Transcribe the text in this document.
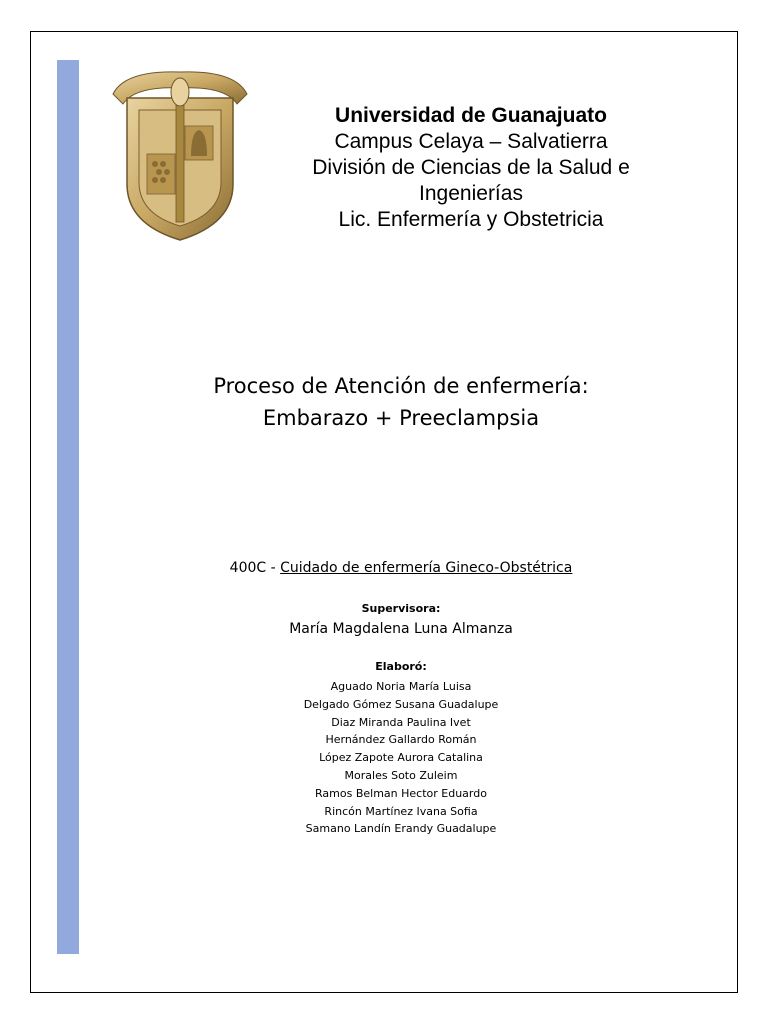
Universidad de Guanajuato
Campus Celaya – Salvatierra
División de Ciencias de la Salud e
Ingenierías
Lic. Enfermería y Obstetricia
Proceso de Atención de enfermería:
Embarazo + Preeclampsia
400C - Cuidado de enfermería Gineco-Obstétrica
Supervisora:
María Magdalena Luna Almanza
Elaboró:
Aguado Noria María Luisa
Delgado Gómez Susana Guadalupe
Diaz Miranda Paulina Ivet
Hernández Gallardo Román
López Zapote Aurora Catalina
Morales Soto Zuleim
Ramos Belman Hector Eduardo
Rincón Martínez Ivana Sofia
Samano Landín Erandy Guadalupe
